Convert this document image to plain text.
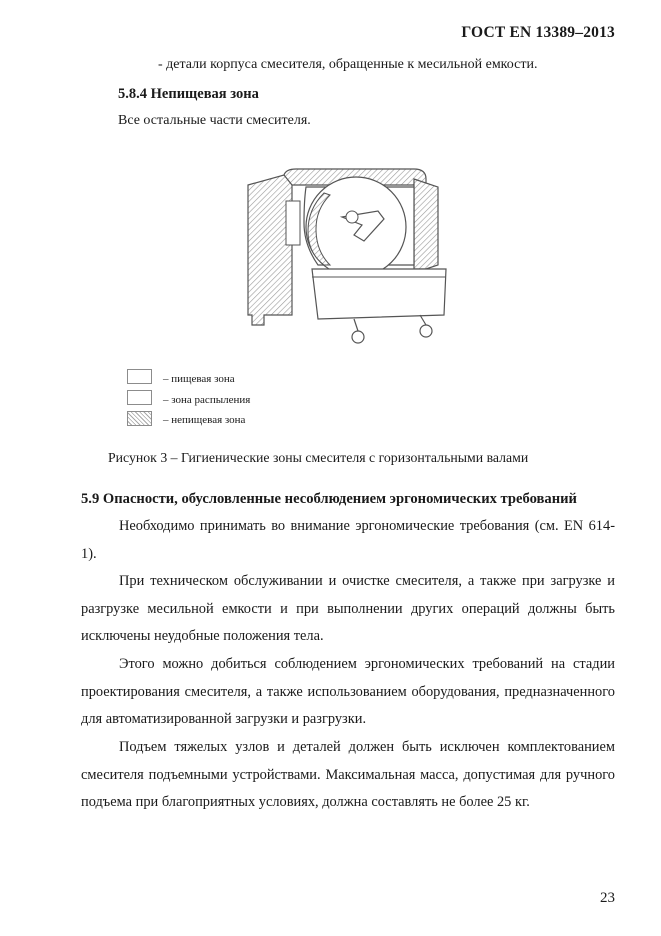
ГОСТ EN 13389–2013
- детали корпуса смесителя, обращенные к месильной емкости.
5.8.4 Непищевая зона
Все остальные части смесителя.
– пищевая зона
– зона распыления
– непищевая зона
Рисунок 3 – Гигиенические зоны смесителя с горизонтальными валами
5.9 Опасности, обусловленные несоблюдением эргономических требований
Необходимо принимать во внимание эргономические требования (см. EN 614-1).
При техническом обслуживании и очистке смесителя, а также при загрузке и разгрузке месильной емкости и при выполнении других операций должны быть исключены неудобные положения тела.
Этого можно добиться соблюдением эргономических требований на стадии проектирования смесителя, а также использованием оборудования, предназначенного для автоматизированной загрузки и разгрузки.
Подъем тяжелых узлов и деталей должен быть исключен комплектованием смесителя подъемными устройствами. Максимальная масса, допустимая для ручного подъема при благоприятных условиях, должна составлять не более 25 кг.
23
